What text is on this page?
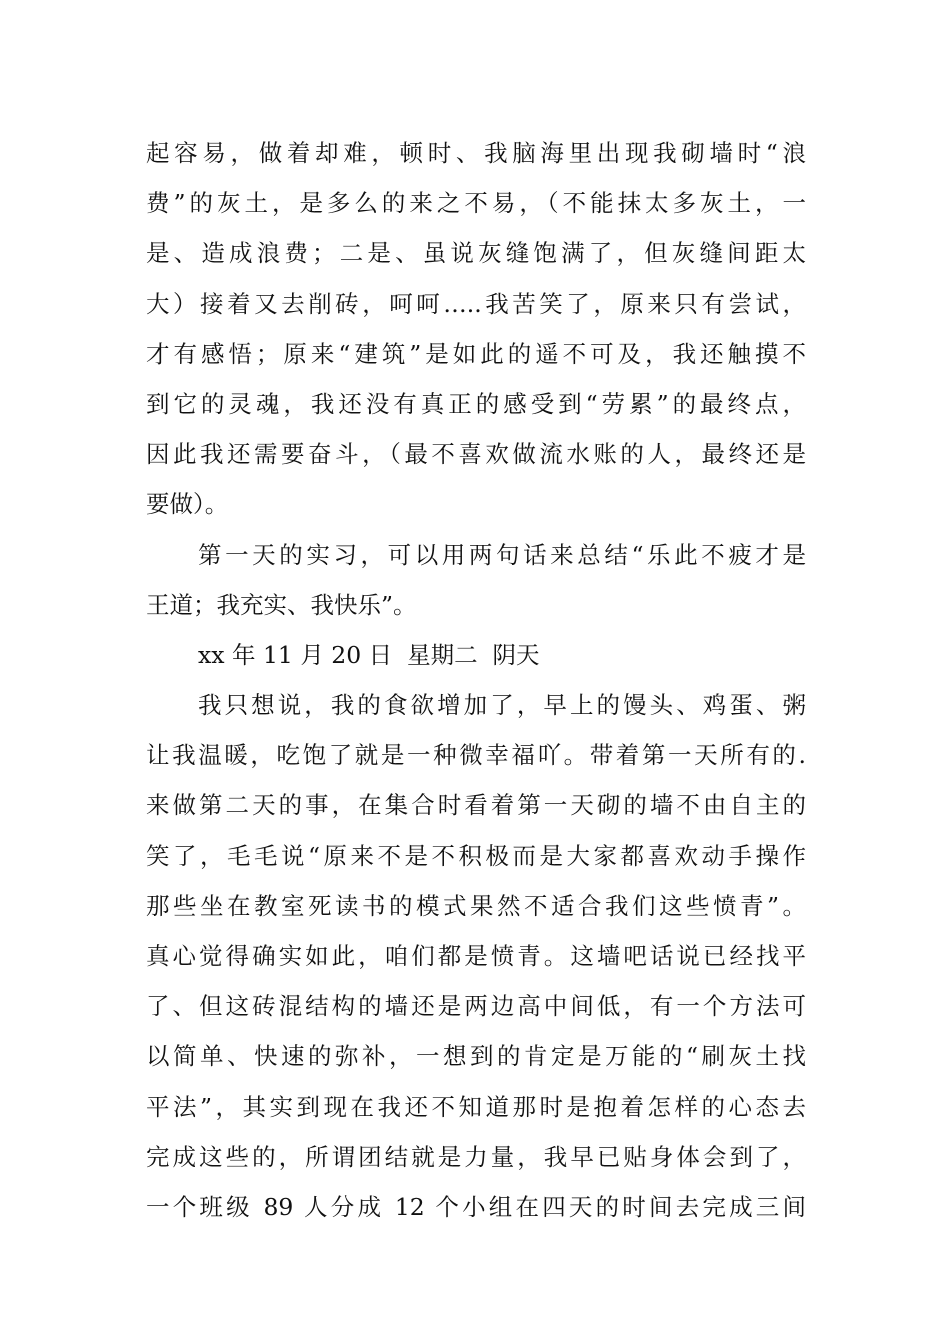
起容易，做着却难，顿时、我脑海里出现我砌墙时“浪
费”的灰土，是多么的来之不易，（不能抹太多灰土，一
是、造成浪费；二是、虽说灰缝饱满了，但灰缝间距太
大）接着又去削砖，呵呵…..我苦笑了，原来只有尝试，
才有感悟；原来“建筑”是如此的遥不可及，我还触摸不
到它的灵魂，我还没有真正的感受到“劳累”的最终点，
因此我还需要奋斗，（最不喜欢做流水账的人，最终还是
要做）。
第一天的实习，可以用两句话来总结“乐此不疲才是
王道；我充实、我快乐”。
xx 年 11 月 20 日  星期二  阴天
我只想说，我的食欲增加了，早上的馒头、鸡蛋、粥
让我温暖，吃饱了就是一种微幸福吖。带着第一天所有的.
来做第二天的事，在集合时看着第一天砌的墙不由自主的
笑了，毛毛说“原来不是不积极而是大家都喜欢动手操作
那些坐在教室死读书的模式果然不适合我们这些愤青”。
真心觉得确实如此，咱们都是愤青。这墙吧话说已经找平
了、但这砖混结构的墙还是两边高中间低，有一个方法可
以简单、快速的弥补，一想到的肯定是万能的“刷灰土找
平法”，其实到现在我还不知道那时是抱着怎样的心态去
完成这些的，所谓团结就是力量，我早已贴身体会到了，
一个班级 89 人分成 12 个小组在四天的时间去完成三间
